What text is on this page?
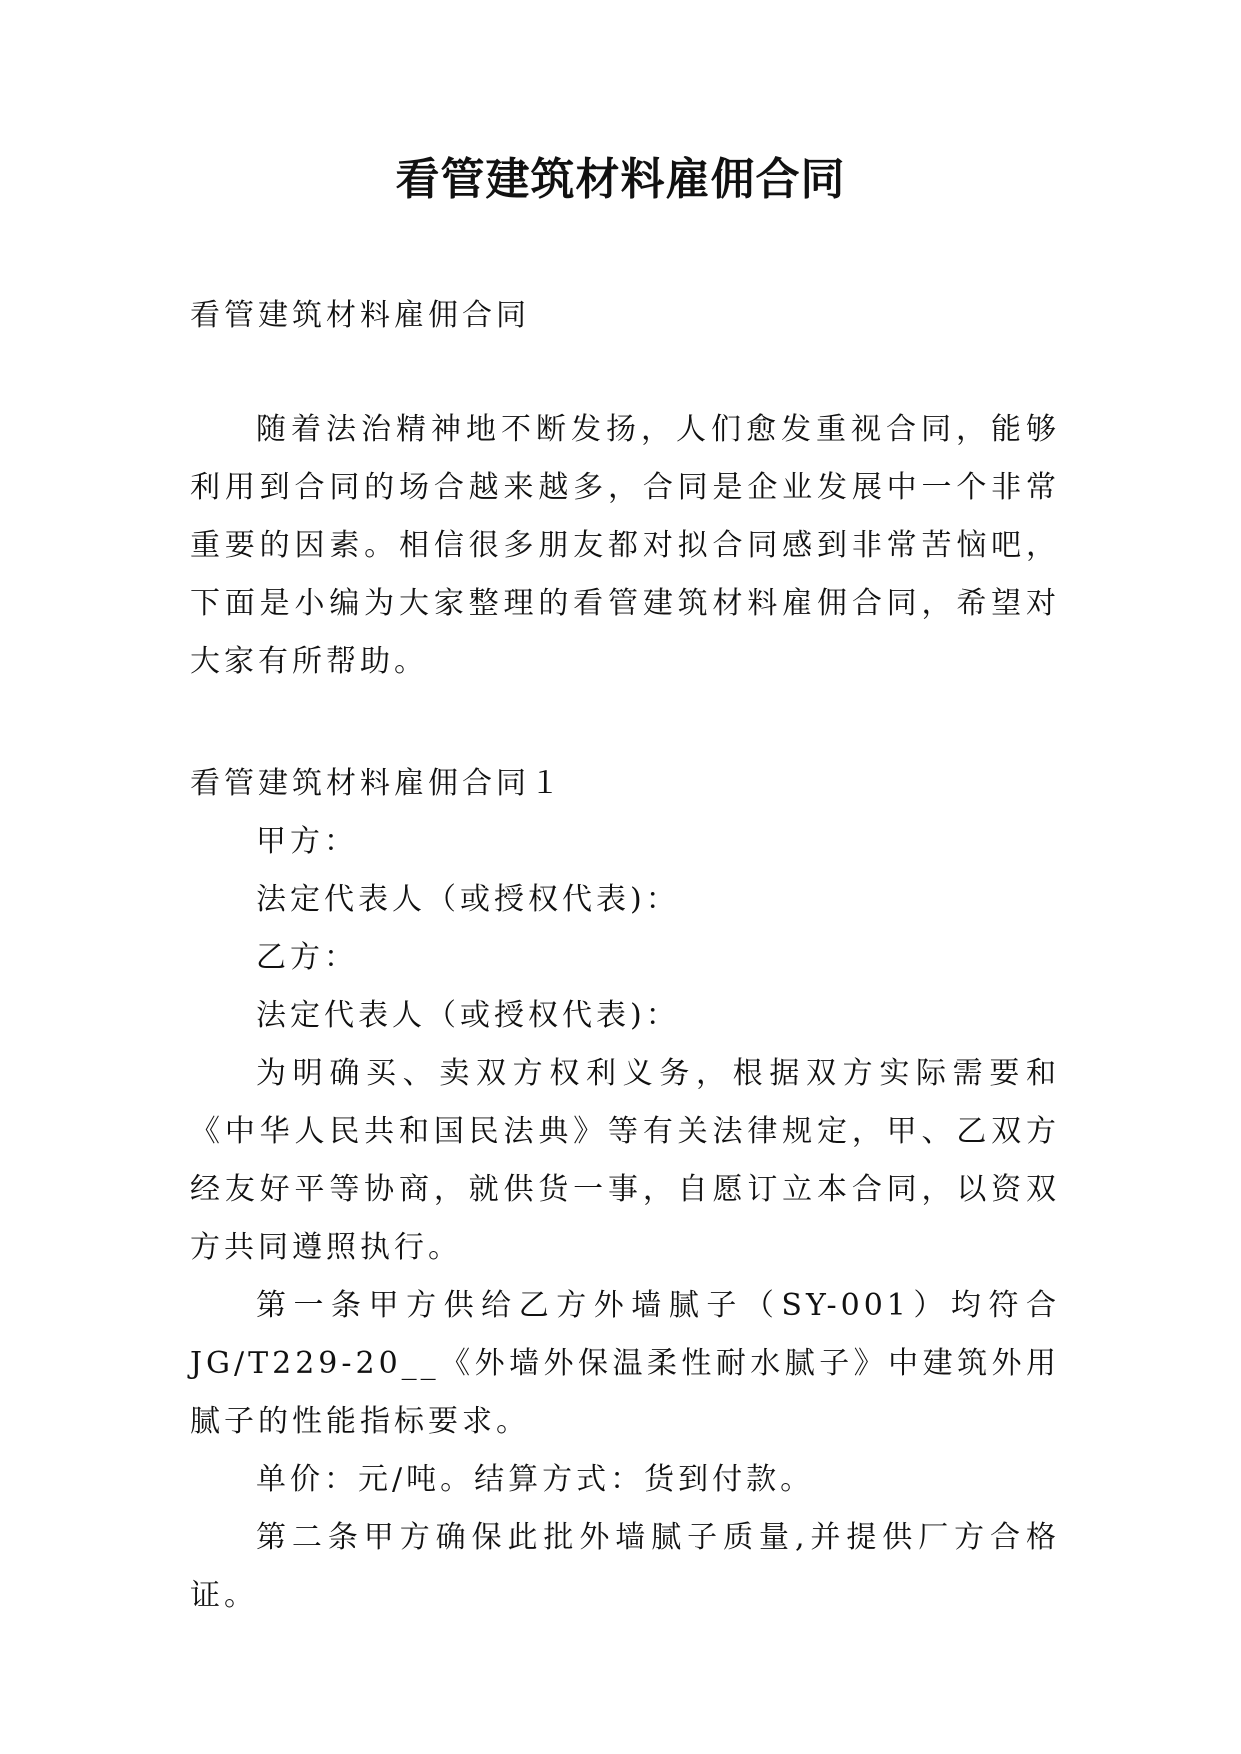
看管建筑材料雇佣合同

看管建筑材料雇佣合同

随着法治精神地不断发扬，人们愈发重视合同，能够利用到合同的场合越来越多，合同是企业发展中一个非常重要的因素。相信很多朋友都对拟合同感到非常苦恼吧，下面是小编为大家整理的看管建筑材料雇佣合同，希望对大家有所帮助。

看管建筑材料雇佣合同１

甲方：

法定代表人（或授权代表)：

乙方：

法定代表人（或授权代表)：

为明确买、卖双方权利义务，根据双方实际需要和《中华人民共和国民法典》等有关法律规定，甲、乙双方经友好平等协商，就供货一事，自愿订立本合同，以资双方共同遵照执行。

第一条甲方供给乙方外墙腻子（SY-001）均符合JG/T229-20__《外墙外保温柔性耐水腻子》中建筑外用腻子的性能指标要求。

单价：元/吨。结算方式：货到付款。

第二条甲方确保此批外墙腻子质量,并提供厂方合格证。
